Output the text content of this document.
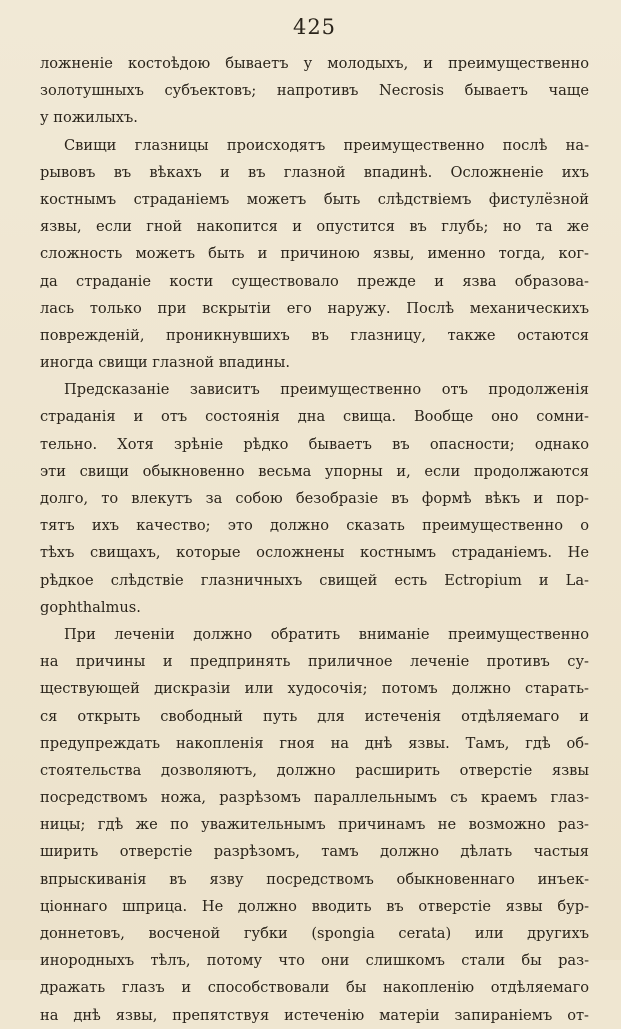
425
ложненіе костоѣдою бываетъ у молодыхъ, и преимущественно
золотушныхъ субъектовъ; напротивъ Necrosis бываетъ чаще
у пожилыхъ.
Свищи глазницы происходятъ преимущественно послѣ на-
рывовъ въ вѣкахъ и въ глазной впадинѣ. Осложненіе ихъ
костнымъ страданіемъ можетъ быть слѣдствіемъ фистулёзной
язвы, если гной накопится и опустится въ глубь; но та же
сложность можетъ быть и причиною язвы, именно тогда, ког-
да страданіе кости существовало прежде и язва образова-
лась только при вскрытіи его наружу. Послѣ механическихъ
поврежденій, проникнувшихъ въ глазницу, также остаются
иногда свищи глазной впадины.
Предсказаніе зависитъ преимущественно отъ продолженія
страданія и отъ состоянія дна свища. Вообще оно сомни-
тельно. Хотя зрѣніе рѣдко бываетъ въ опасности; однако
эти свищи обыкновенно весьма упорны и, если продолжаются
долго, то влекутъ за собою безобразіе въ формѣ вѣкъ и пор-
тятъ ихъ качество; это должно сказать преимущественно о
тѣхъ свищахъ, которые осложнены костнымъ страданіемъ. Не
рѣдкое слѣдствіе глазничныхъ свищей есть Ectropium и La-
gophthalmus.
При леченіи должно обратить вниманіе преимущественно
на причины и предпринять приличное леченіе противъ су-
ществующей дискразіи или худосочія; потомъ должно старать-
ся открыть свободный путь для истеченія отдѣляемаго и
предупреждать накопленія гноя на днѣ язвы. Тамъ, гдѣ об-
стоятельства дозволяютъ, должно расширить отверстіе язвы
посредствомъ ножа, разрѣзомъ параллельнымъ съ краемъ глаз-
ницы; гдѣ же по уважительнымъ причинамъ не возможно раз-
ширить отверстіе разрѣзомъ, тамъ должно дѣлать частыя
впрыскиванія въ язву посредствомъ обыкновеннаго инъек-
ціоннаго шприца. Не должно вводить въ отверстіе язвы бур-
доннетовъ, восченой губки (spongia cerata) или другихъ
инородныхъ тѣлъ, потому что они слишкомъ стали бы раз-
дражать глазъ и способствовали бы накопленію отдѣляемаго
на днѣ язвы, препятствуя истеченію матеріи запираніемъ от-
